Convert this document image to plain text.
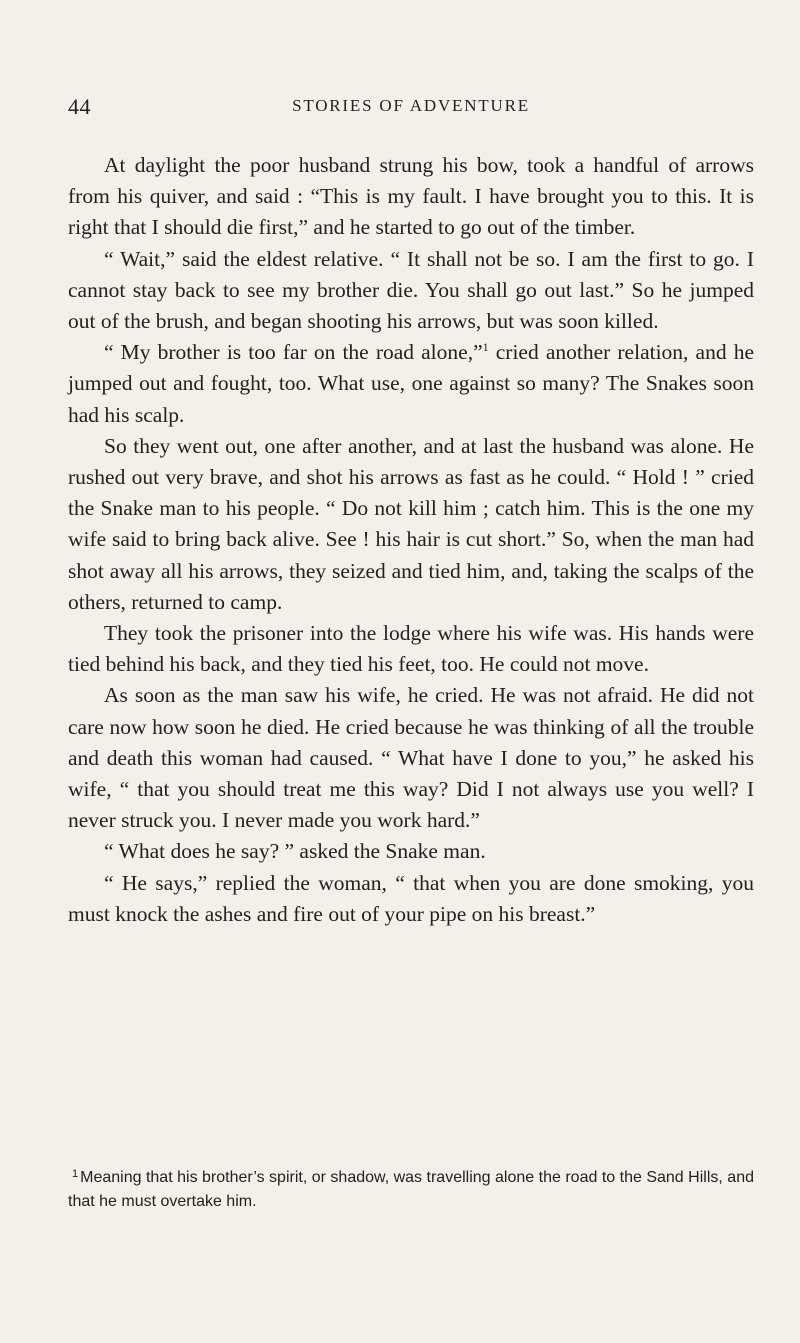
44	STORIES OF ADVENTURE

At daylight the poor husband strung his bow, took a handful of arrows from his quiver, and said : “This is my fault. I have brought you to this. It is right that I should die first,” and he started to go out of the timber.

“ Wait,” said the eldest relative. “ It shall not be so. I am the first to go. I cannot stay back to see my brother die. You shall go out last.” So he jumped out of the brush, and began shooting his arrows, but was soon killed.

“ My brother is too far on the road alone,”$^1$ cried another relation, and he jumped out and fought, too. What use, one against so many? The Snakes soon had his scalp.

So they went out, one after another, and at last the husband was alone. He rushed out very brave, and shot his arrows as fast as he could. “ Hold ! ” cried the Snake man to his people. “ Do not kill him ; catch him. This is the one my wife said to bring back alive. See ! his hair is cut short.” So, when the man had shot away all his arrows, they seized and tied him, and, taking the scalps of the others, returned to camp.

They took the prisoner into the lodge where his wife was. His hands were tied behind his back, and they tied his feet, too. He could not move.

As soon as the man saw his wife, he cried. He was not afraid. He did not care now how soon he died. He cried because he was thinking of all the trouble and death this woman had caused. “ What have I done to you,” he asked his wife, “ that you should treat me this way? Did I not always use you well? I never struck you. I never made you work hard.”

“ What does he say? ” asked the Snake man.

“ He says,” replied the woman, “ that when you are done smoking, you must knock the ashes and fire out of your pipe on his breast.”

$^1$ Meaning that his brother’s spirit, or shadow, was travelling alone the road to the Sand Hills, and that he must overtake him.
